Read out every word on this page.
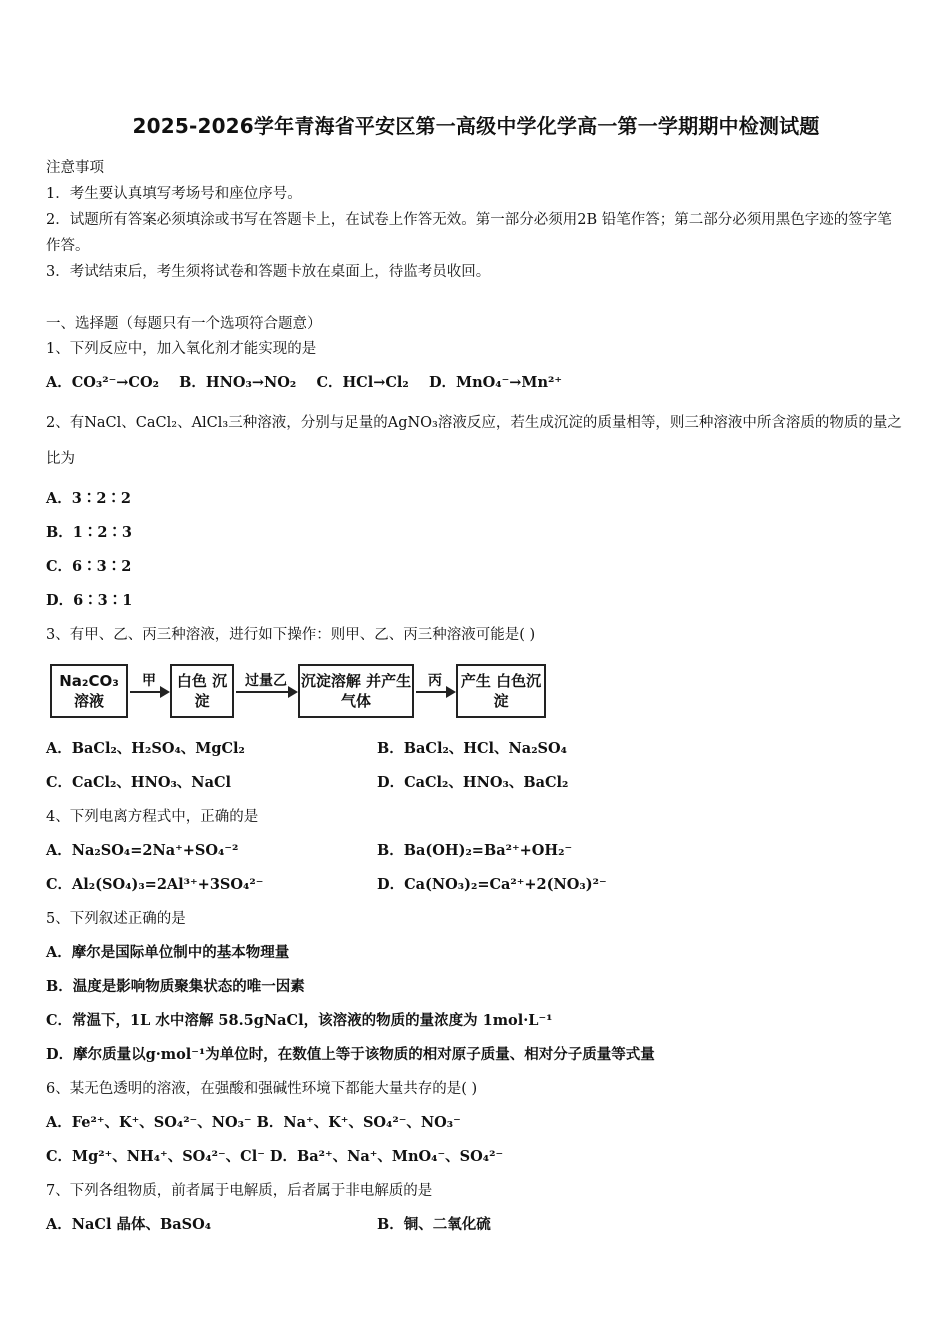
2025-2026学年青海省平安区第一高级中学化学高一第一学期期中检测试题

注意事项

1．考生要认真填写考场号和座位序号。

2．试题所有答案必须填涂或书写在答题卡上，在试卷上作答无效。第一部分必须用2B 铅笔作答；第二部分必须用黑色字迹的签字笔作答。

3．考试结束后，考生须将试卷和答题卡放在桌面上，待监考员收回。

一、选择题（每题只有一个选项符合题意）

1、下列反应中，加入氧化剂才能实现的是

A．CO₃²⁻→CO₂ B．HNO₃→NO₂ C．HCl→Cl₂ D．MnO₄⁻→Mn²⁺

2、有NaCl、CaCl₂、AlCl₃三种溶液，分别与足量的AgNO₃溶液反应，若生成沉淀的质量相等，则三种溶液中所含溶质的物质的量之比为

A．3∶2∶2

B．1∶2∶3

C．6∶3∶2

D．6∶3∶1

3、有甲、乙、丙三种溶液，进行如下操作：则甲、乙、丙三种溶液可能是( )

Na₂CO₃ 溶液
甲	白色 沉淀
过量乙 沉淀溶解 并产生气体
丙	产生 白色沉淀
A．BaCl₂、H₂SO₄、MgCl₂	B．BaCl₂、HCl、Na₂SO₄
C．CaCl₂、HNO₃、NaCl	D．CaCl₂、HNO₃、BaCl₂

4、下列电离方程式中，正确的是

A．Na₂SO₄=2Na⁺+SO₄⁻²	B．Ba(OH)₂=Ba²⁺+OH₂⁻
C．Al₂(SO₄)₃=2Al³⁺+3SO₄²⁻	D．Ca(NO₃)₂=Ca²⁺+2(NO₃)²⁻

5、下列叙述正确的是

A．摩尔是国际单位制中的基本物理量

B．温度是影响物质聚集状态的唯一因素

C．常温下，1L 水中溶解 58.5gNaCl，该溶液的物质的量浓度为 1mol·L⁻¹

D．摩尔质量以g·mol⁻¹为单位时，在数值上等于该物质的相对原子质量、相对分子质量等式量

6、某无色透明的溶液，在强酸和强碱性环境下都能大量共存的是( )

A．Fe²⁺、K⁺、SO₄²⁻、NO₃⁻ B．Na⁺、K⁺、SO₄²⁻、NO₃⁻

C．Mg²⁺、NH₄⁺、SO₄²⁻、Cl⁻ D．Ba²⁺、Na⁺、MnO₄⁻、SO₄²⁻

7、下列各组物质，前者属于电解质，后者属于非电解质的是

A．NaCl 晶体、BaSO₄	B．铜、二氧化硫
